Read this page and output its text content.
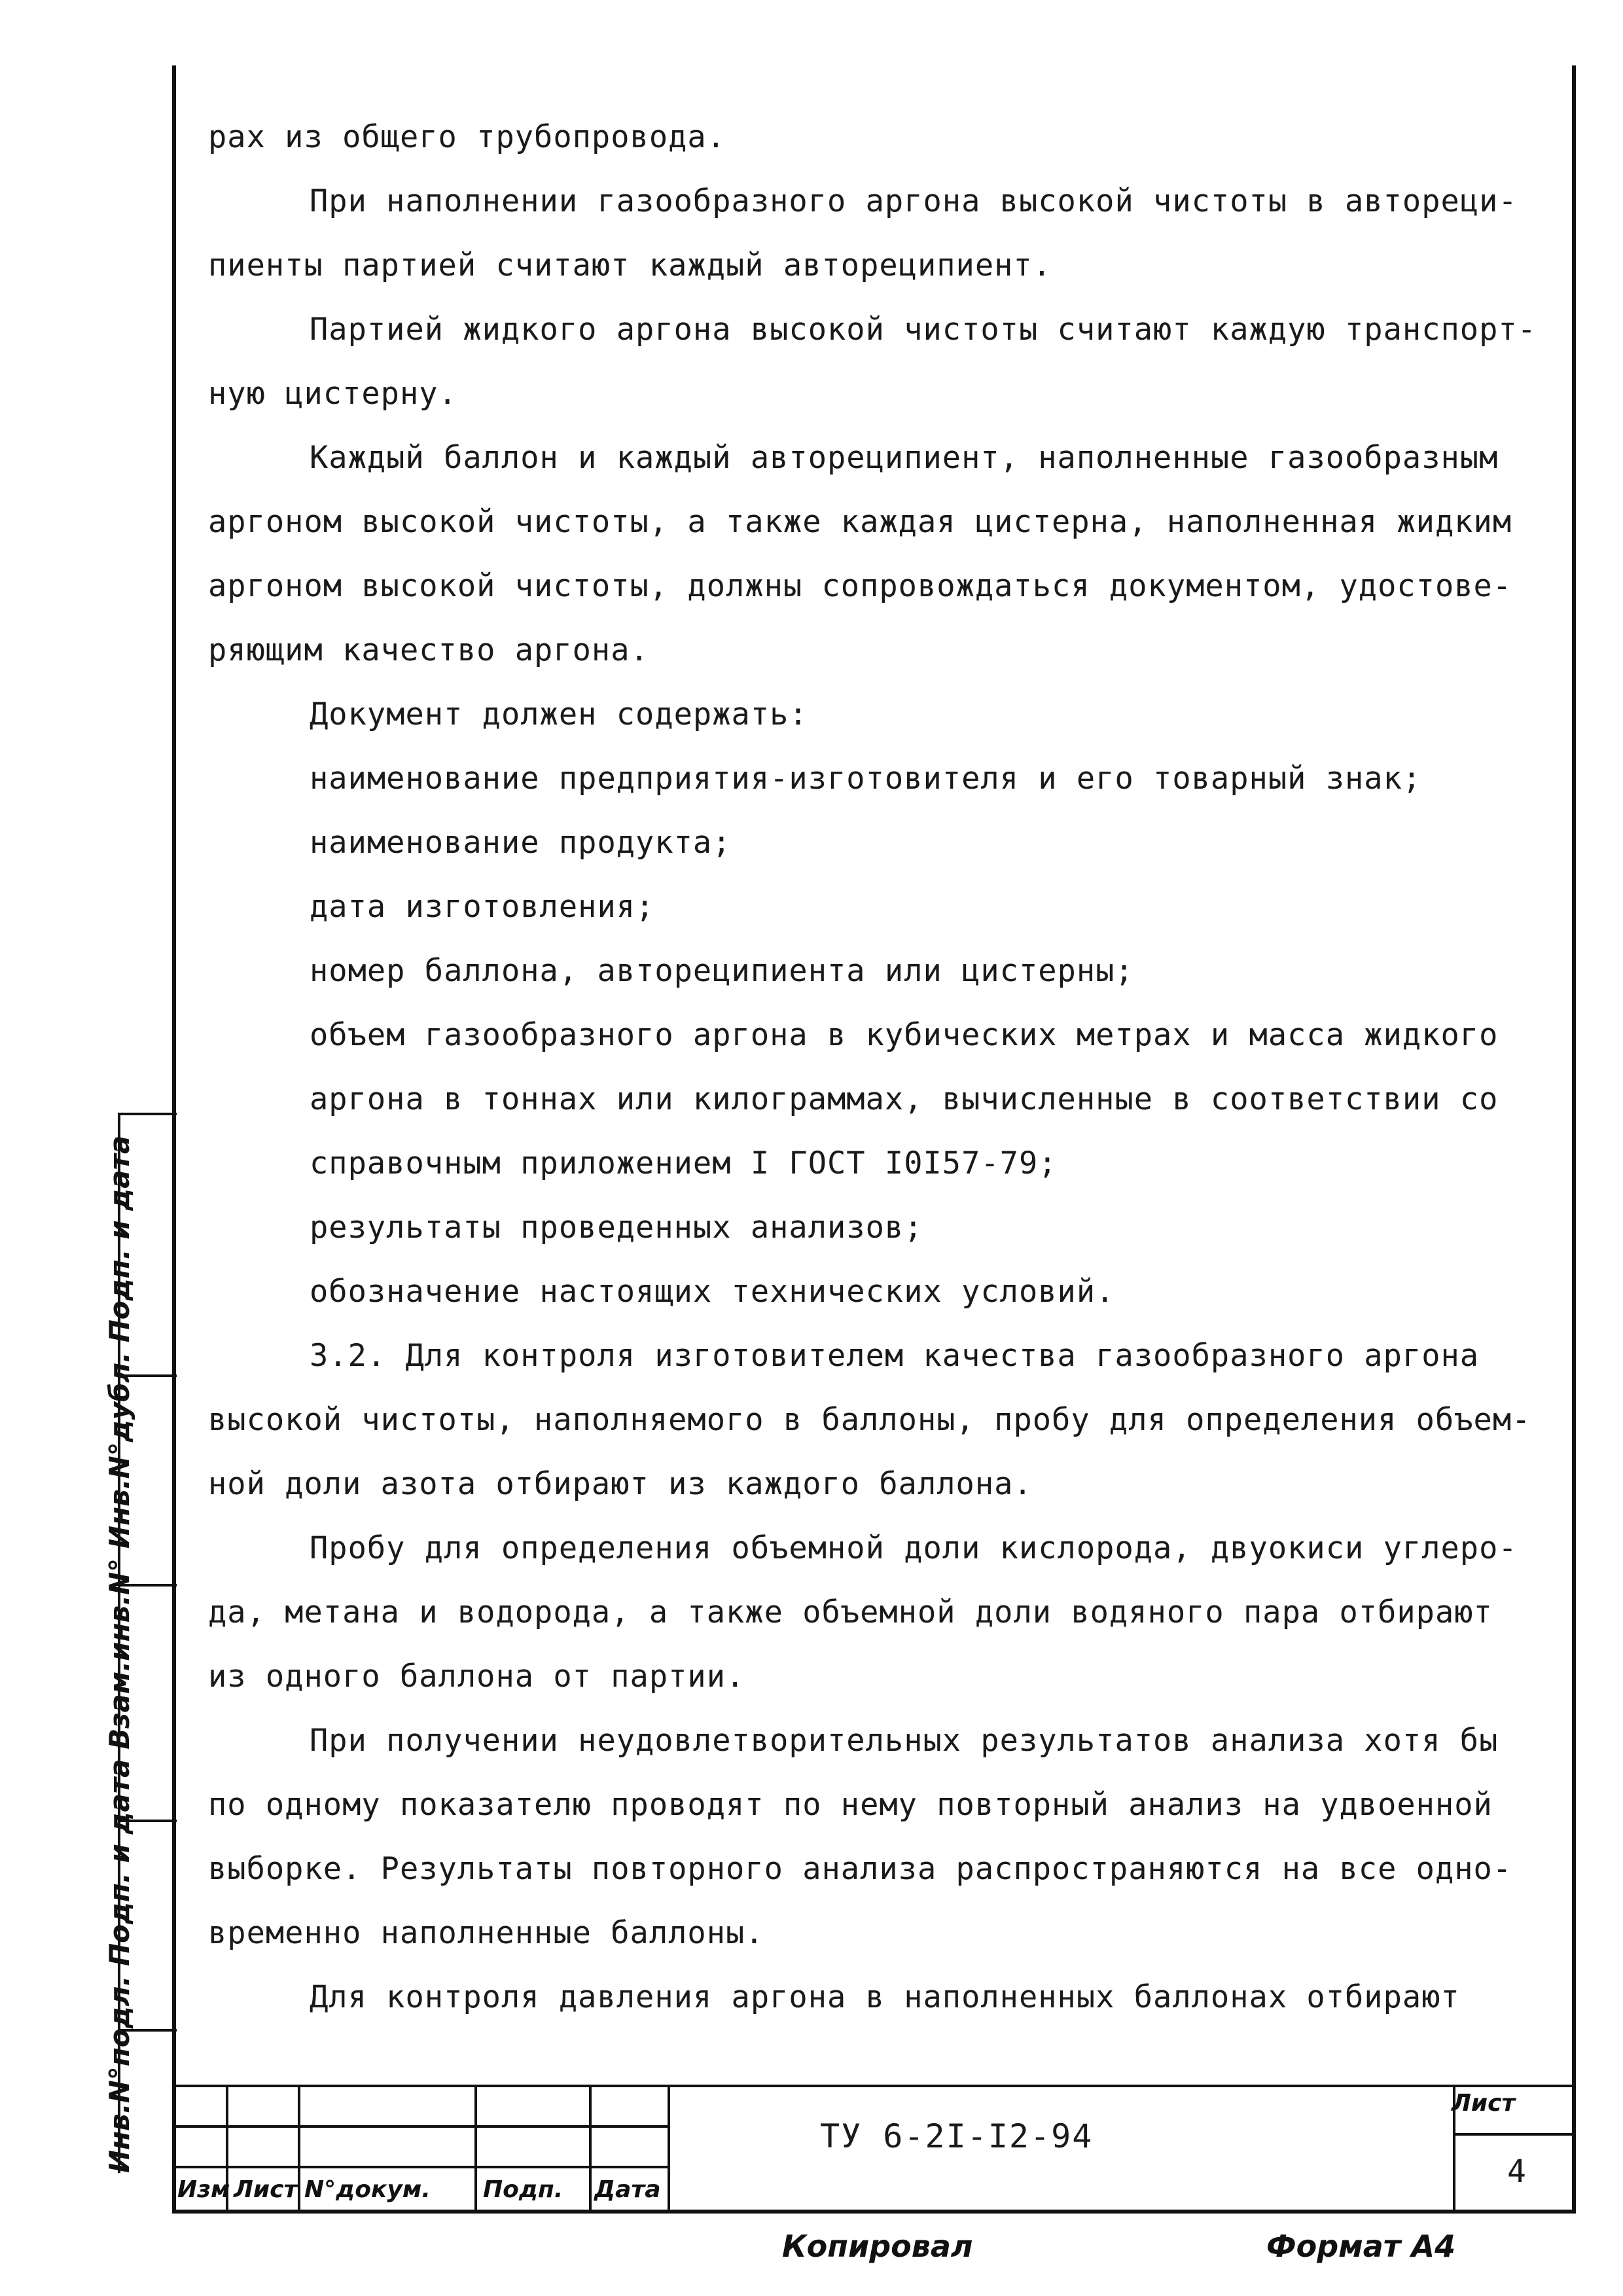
рах из общего трубопровода.
При наполнении газообразного аргона высокой чистоты в автореци-
пиенты партией считают каждый автореципиент.
Партией жидкого аргона высокой чистоты считают каждую транспорт-
ную цистерну.
Каждый баллон и каждый автореципиент, наполненные газообразным
аргоном высокой чистоты, а также каждая цистерна, наполненная жидким
аргоном высокой чистоты, должны сопровождаться документом, удостове-
ряющим качество аргона.
Документ должен содержать:
наименование предприятия-изготовителя и его товарный знак;
наименование продукта;
дата изготовления;
номер баллона, автореципиента или цистерны;
объем газообразного аргона в кубических метрах и масса жидкого
аргона в тоннах или килограммах, вычисленные в соответствии со
справочным приложением I ГОСТ I0I57-79;
результаты проведенных анализов;
обозначение настоящих технических условий.
3.2. Для контроля изготовителем качества газообразного аргона
высокой чистоты, наполняемого в баллоны, пробу для определения объем-
ной доли азота отбирают из каждого баллона.
Пробу для определения объемной доли кислорода, двуокиси углеро-
да, метана и водорода, а также объемной доли водяного пара отбирают
из одного баллона от партии.
При получении неудовлетворительных результатов анализа хотя бы
по одному показателю проводят по нему повторный анализ на удвоенной
выборке. Результаты повторного анализа распространяются на все одно-
временно наполненные баллоны.
Для контроля давления аргона в наполненных баллонах отбирают
Инв.N°подл. Подп. и дата Взам.инв.N° Инв.N°дубл. Подп. и дата
Изм Лист N°докум. Подп. Дата
ТУ 6-2I-I2-94
Лист
4
Копировал	Формат А4
